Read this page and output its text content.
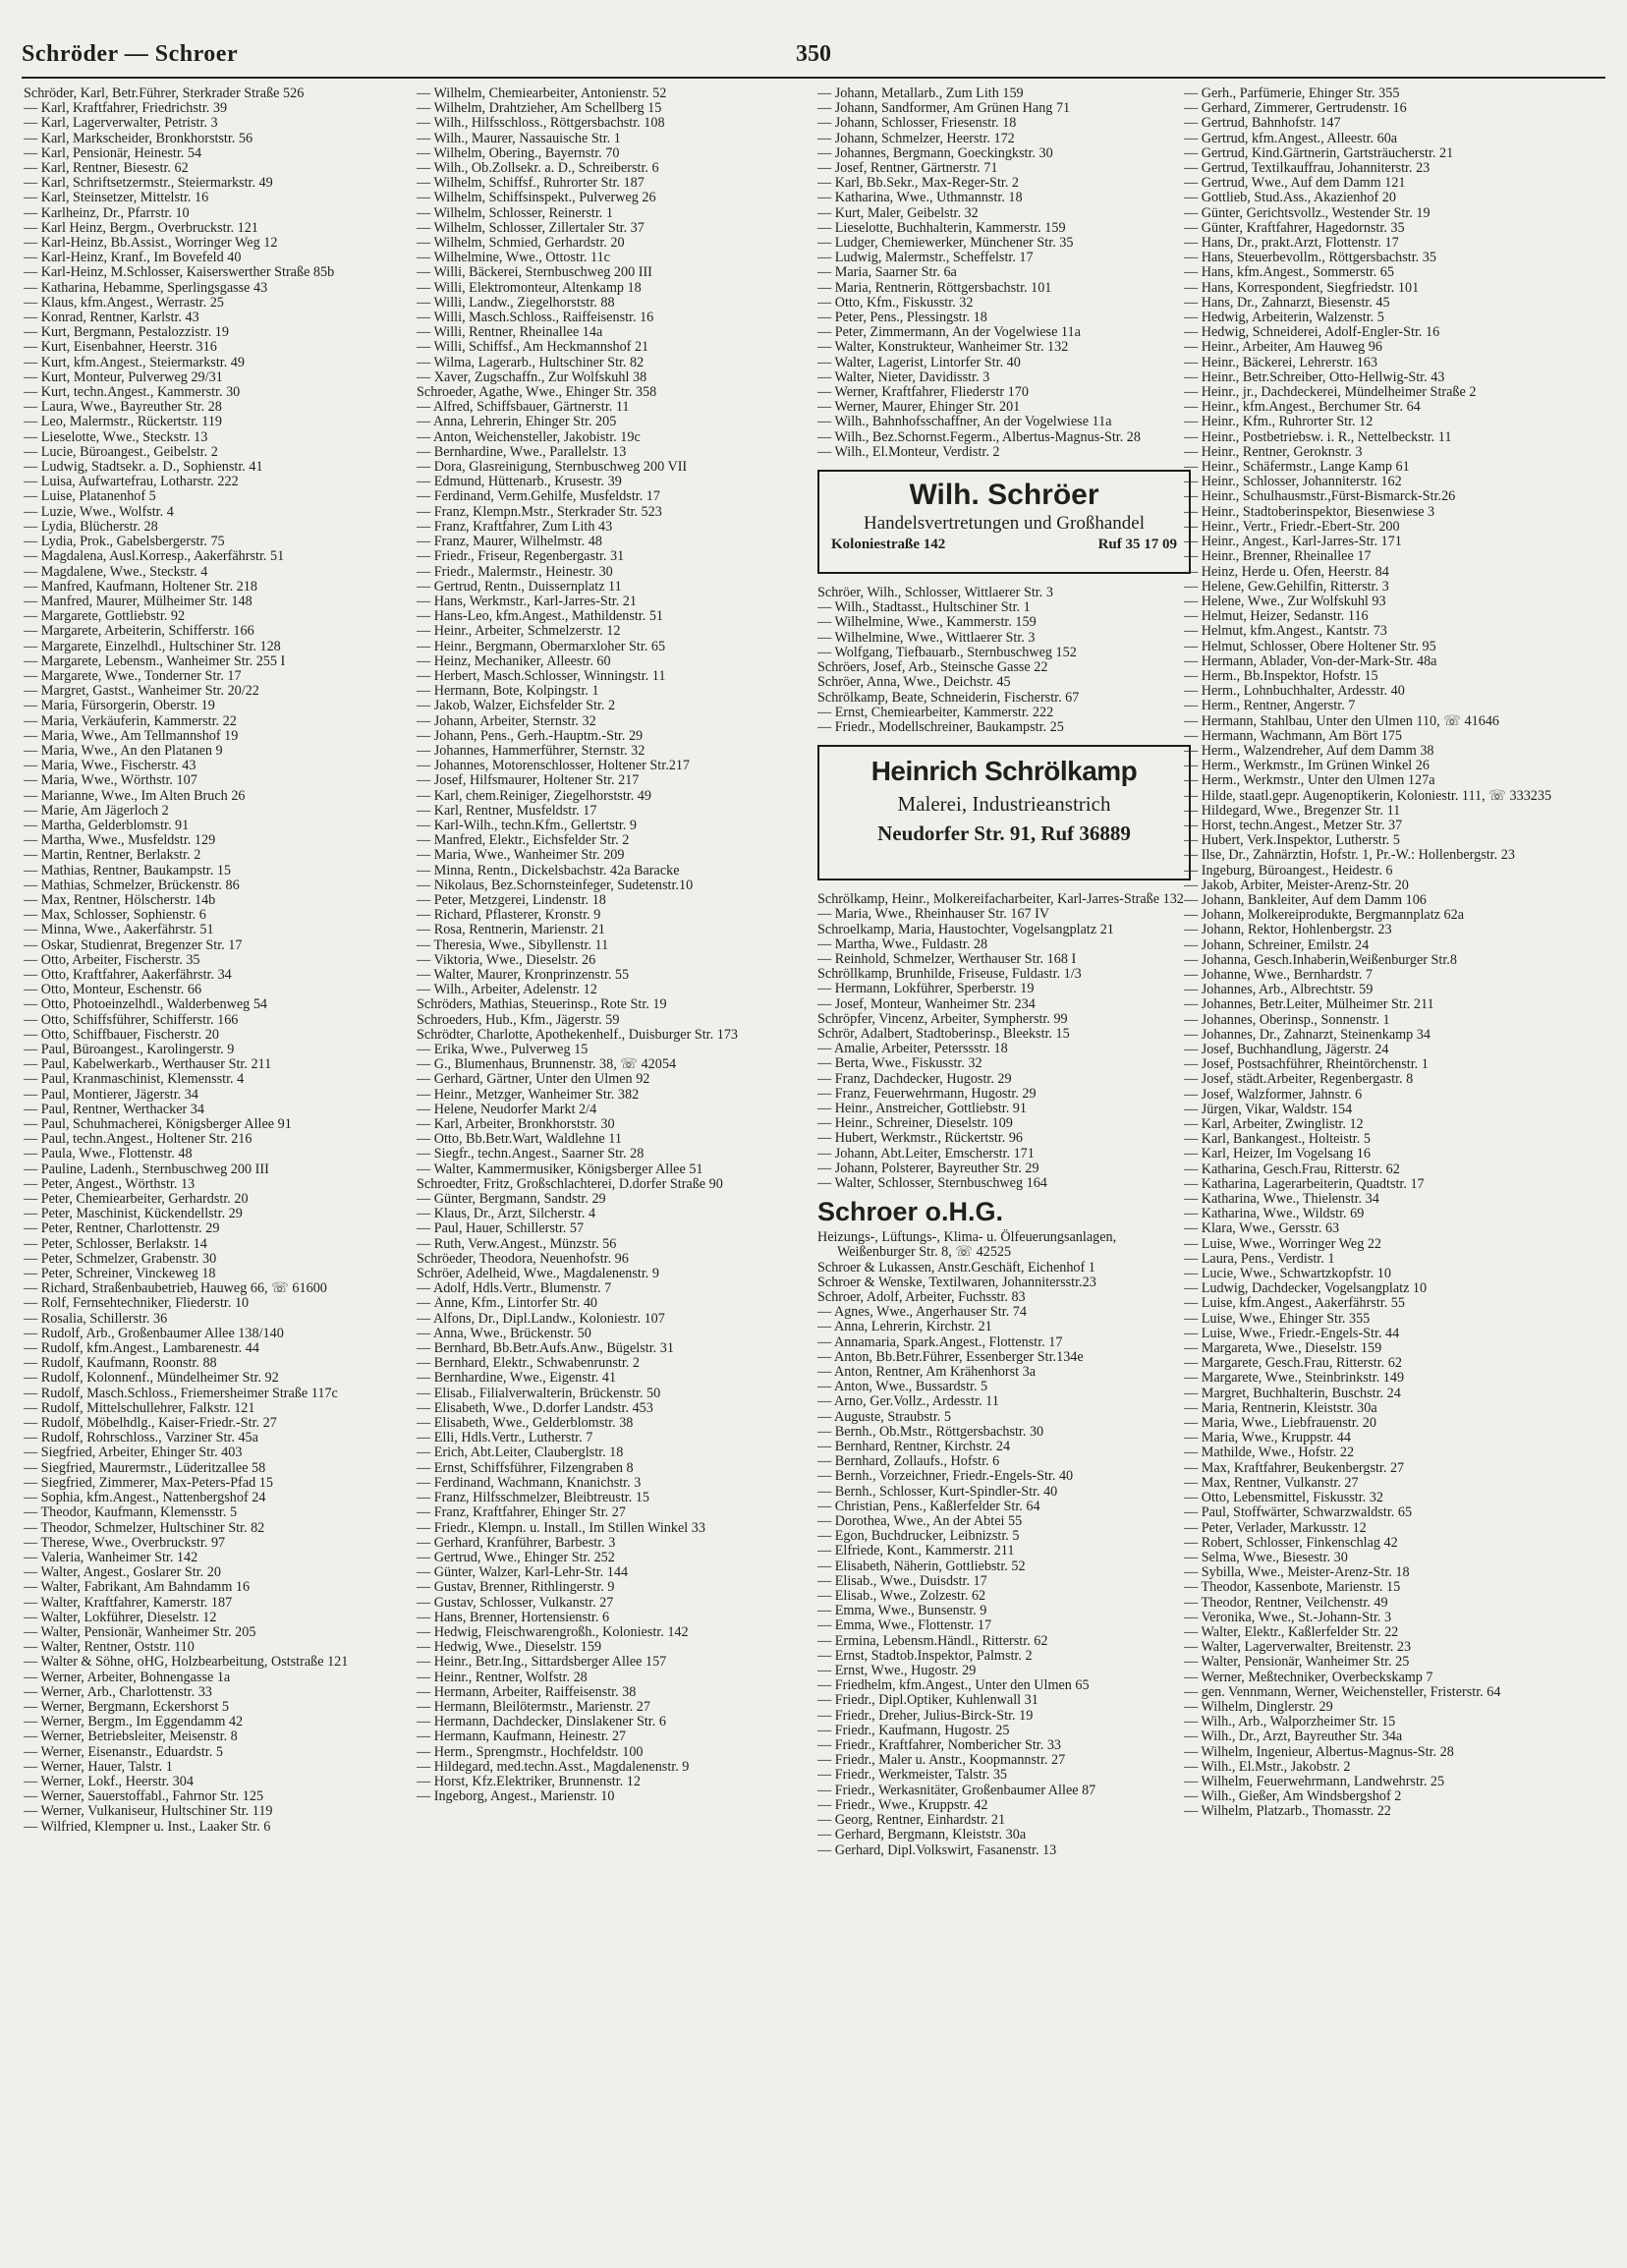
Schröder — Schroer	350
Schröder, Karl, Betr.Führer, Sterkrader Straße 526
— Karl, Kraftfahrer, Friedrichstr. 39
— Karl, Lagerverwalter, Petristr. 3
— Karl, Markscheider, Bronkhorststr. 56
— Karl, Pensionär, Heinestr. 54
— Karl, Rentner, Biesestr. 62
— Karl, Schriftsetzermstr., Steiermarkstr. 49
— Karl, Steinsetzer, Mittelstr. 16
— Karlheinz, Dr., Pfarrstr. 10
— Karl Heinz, Bergm., Overbruckstr. 121
— Karl-Heinz, Bb.Assist., Worringer Weg 12
— Karl-Heinz, Kranf., Im Bovefeld 40
— Karl-Heinz, M.Schlosser, Kaiserswerther Straße 85b
— Katharina, Hebamme, Sperlingsgasse 43
— Klaus, kfm.Angest., Werrastr. 25
— Konrad, Rentner, Karlstr. 43
— Kurt, Bergmann, Pestalozzistr. 19
— Kurt, Eisenbahner, Heerstr. 316
— Kurt, kfm.Angest., Steiermarkstr. 49
— Kurt, Monteur, Pulverweg 29/31
— Kurt, techn.Angest., Kammerstr. 30
— Laura, Wwe., Bayreuther Str. 28
— Leo, Malermstr., Rückertstr. 119
— Lieselotte, Wwe., Steckstr. 13
— Lucie, Büroangest., Geibelstr. 2
— Ludwig, Stadtsekr. a. D., Sophienstr. 41
— Luisa, Aufwartefrau, Lotharstr. 222
— Luise, Platanenhof 5
— Luzie, Wwe., Wolfstr. 4
— Lydia, Blücherstr. 28
— Lydia, Prok., Gabelsbergerstr. 75
— Magdalena, Ausl.Korresp., Aakerfährstr. 51
— Magdalene, Wwe., Steckstr. 4
— Manfred, Kaufmann, Holtener Str. 218
— Manfred, Maurer, Mülheimer Str. 148
— Margarete, Gottliebstr. 92
— Margarete, Arbeiterin, Schifferstr. 166
— Margarete, Einzelhdl., Hultschiner Str. 128
— Margarete, Lebensm., Wanheimer Str. 255 I
— Margarete, Wwe., Tonderner Str. 17
— Margret, Gastst., Wanheimer Str. 20/22
— Maria, Fürsorgerin, Oberstr. 19
— Maria, Verkäuferin, Kammerstr. 22
— Maria, Wwe., Am Tellmannshof 19
— Maria, Wwe., An den Platanen 9
— Maria, Wwe., Fischerstr. 43
— Maria, Wwe., Wörthstr. 107
— Marianne, Wwe., Im Alten Bruch 26
— Marie, Am Jägerloch 2
— Martha, Gelderblomstr. 91
— Martha, Wwe., Musfeldstr. 129
— Martin, Rentner, Berlakstr. 2
— Mathias, Rentner, Baukampstr. 15
— Mathias, Schmelzer, Brückenstr. 86
— Max, Rentner, Hölscherstr. 14b
— Max, Schlosser, Sophienstr. 6
— Minna, Wwe., Aakerfährstr. 51
— Oskar, Studienrat, Bregenzer Str. 17
— Otto, Arbeiter, Fischerstr. 35
— Otto, Kraftfahrer, Aakerfährstr. 34
— Otto, Monteur, Eschenstr. 66
— Otto, Photoeinzelhdl., Walderbenweg 54
— Otto, Schiffsführer, Schifferstr. 166
— Otto, Schiffbauer, Fischerstr. 20
— Paul, Büroangest., Karolingerstr. 9
— Paul, Kabelwerkarb., Werthauser Str. 211
— Paul, Kranmaschinist, Klemensstr. 4
— Paul, Montierer, Jägerstr. 34
— Paul, Rentner, Werthacker 34
— Paul, Schuhmacherei, Königsberger Allee 91
— Paul, techn.Angest., Holtener Str. 216
— Paula, Wwe., Flottenstr. 48
— Pauline, Ladenh., Sternbuschweg 200 III
— Peter, Angest., Wörthstr. 13
— Peter, Chemiearbeiter, Gerhardstr. 20
— Peter, Maschinist, Kückendellstr. 29
— Peter, Rentner, Charlottenstr. 29
— Peter, Schlosser, Berlakstr. 14
— Peter, Schmelzer, Grabenstr. 30
— Peter, Schreiner, Vinckeweg 18
— Richard, Straßenbaubetrieb, Hauweg 66, ☏ 61600
— Rolf, Fernsehtechniker, Fliederstr. 10
— Rosalia, Schillerstr. 36
— Rudolf, Arb., Großenbaumer Allee 138/140
— Rudolf, kfm.Angest., Lambarenestr. 44
— Rudolf, Kaufmann, Roonstr. 88
— Rudolf, Kolonnenf., Mündelheimer Str. 92
— Rudolf, Masch.Schloss., Friemersheimer Straße 117c
— Rudolf, Mittelschullehrer, Falkstr. 121
— Rudolf, Möbelhdlg., Kaiser-Friedr.-Str. 27
— Rudolf, Rohrschloss., Varziner Str. 45a
— Siegfried, Arbeiter, Ehinger Str. 403
— Siegfried, Maurermstr., Lüderitzallee 58
— Siegfried, Zimmerer, Max-Peters-Pfad 15
— Sophia, kfm.Angest., Nattenbergshof 24
— Theodor, Kaufmann, Klemensstr. 5
— Theodor, Schmelzer, Hultschiner Str. 82
— Therese, Wwe., Overbruckstr. 97
— Valeria, Wanheimer Str. 142
— Walter, Angest., Goslarer Str. 20
— Walter, Fabrikant, Am Bahndamm 16
— Walter, Kraftfahrer, Kamerstr. 187
— Walter, Lokführer, Dieselstr. 12
— Walter, Pensionär, Wanheimer Str. 205
— Walter, Rentner, Oststr. 110
— Walter & Söhne, oHG, Holzbearbeitung, Oststraße 121
— Werner, Arbeiter, Bohnengasse 1a
— Werner, Arb., Charlottenstr. 33
— Werner, Bergmann, Eckershorst 5
— Werner, Bergm., Im Eggendamm 42
— Werner, Betriebsleiter, Meisenstr. 8
— Werner, Eisenanstr., Eduardstr. 5
— Werner, Hauer, Talstr. 1
— Werner, Lokf., Heerstr. 304
— Werner, Sauerstoffabl., Fahrnor Str. 125
— Werner, Vulkaniseur, Hultschiner Str. 119
— Wilfried, Klempner u. Inst., Laaker Str. 6
— Wilhelm, Chemiearbeiter, Antonienstr. 52
— Wilhelm, Drahtzieher, Am Schellberg 15
— Wilh., Hilfsschloss., Röttgersbachstr. 108
— Wilh., Maurer, Nassauische Str. 1
— Wilhelm, Obering., Bayernstr. 70
— Wilh., Ob.Zollsekr. a. D., Schreiberstr. 6
— Wilhelm, Schiffsf., Ruhrorter Str. 187
— Wilhelm, Schiffsinspekt., Pulverweg 26
— Wilhelm, Schlosser, Reinerstr. 1
— Wilhelm, Schlosser, Zillertaler Str. 37
— Wilhelm, Schmied, Gerhardstr. 20
— Wilhelmine, Wwe., Ottostr. 11c
— Willi, Bäckerei, Sternbuschweg 200 III
— Willi, Elektromonteur, Altenkamp 18
— Willi, Landw., Ziegelhorststr. 88
— Willi, Masch.Schloss., Raiffeisenstr. 16
— Willi, Rentner, Rheinallee 14a
— Willi, Schiffsf., Am Heckmannshof 21
— Wilma, Lagerarb., Hultschiner Str. 82
— Xaver, Zugschaffn., Zur Wolfskuhl 38
Schroeder, Agathe, Wwe., Ehinger Str. 358
— Alfred, Schiffsbauer, Gärtnerstr. 11
— Anna, Lehrerin, Ehinger Str. 205
— Anton, Weichensteller, Jakobistr. 19c
— Bernhardine, Wwe., Parallelstr. 13
— Dora, Glasreinigung, Sternbuschweg 200 VII
— Edmund, Hüttenarb., Krusestr. 39
— Ferdinand, Verm.Gehilfe, Musfeldstr. 17
— Franz, Klempn.Mstr., Sterkrader Str. 523
— Franz, Kraftfahrer, Zum Lith 43
— Franz, Maurer, Wilhelmstr. 48
— Friedr., Friseur, Regenbergastr. 31
— Friedr., Malermstr., Heinestr. 30
— Gertrud, Rentn., Duissernplatz 11
— Hans, Werkmstr., Karl-Jarres-Str. 21
— Hans-Leo, kfm.Angest., Mathildenstr. 51
— Heinr., Arbeiter, Schmelzerstr. 12
— Heinr., Bergmann, Obermarxloher Str. 65
— Heinz, Mechaniker, Alleestr. 60
— Herbert, Masch.Schlosser, Winningstr. 11
— Hermann, Bote, Kolpingstr. 1
— Jakob, Walzer, Eichsfelder Str. 2
— Johann, Arbeiter, Sternstr. 32
— Johann, Pens., Gerh.-Hauptm.-Str. 29
— Johannes, Hammerführer, Sternstr. 32
— Johannes, Motorenschlosser, Holtener Str.217
— Josef, Hilfsmaurer, Holtener Str. 217
— Karl, chem.Reiniger, Ziegelhorststr. 49
— Karl, Rentner, Musfeldstr. 17
— Karl-Wilh., techn.Kfm., Gellertstr. 9
— Manfred, Elektr., Eichsfelder Str. 2
— Maria, Wwe., Wanheimer Str. 209
— Minna, Rentn., Dickelsbachstr. 42a Baracke
— Nikolaus, Bez.Schornsteinfeger, Sudetenstr.10
— Peter, Metzgerei, Lindenstr. 18
— Richard, Pflasterer, Kronstr. 9
— Rosa, Rentnerin, Marienstr. 21
— Theresia, Wwe., Sibyllenstr. 11
— Viktoria, Wwe., Dieselstr. 26
— Walter, Maurer, Kronprinzenstr. 55
— Wilh., Arbeiter, Adelenstr. 12
Schröders, Mathias, Steuerinsp., Rote Str. 19
Schroeders, Hub., Kfm., Jägerstr. 59
Schrödter, Charlotte, Apothekenhelf., Duisburger Str. 173
— Erika, Wwe., Pulverweg 15
— G., Blumenhaus, Brunnenstr. 38, ☏ 42054
— Gerhard, Gärtner, Unter den Ulmen 92
— Heinr., Metzger, Wanheimer Str. 382
— Helene, Neudorfer Markt 2/4
— Karl, Arbeiter, Bronkhorststr. 30
— Otto, Bb.Betr.Wart, Waldlehne 11
— Siegfr., techn.Angest., Saarner Str. 28
— Walter, Kammermusiker, Königsberger Allee 51
Schroedter, Fritz, Großschlachterei, D.dorfer Straße 90
— Günter, Bergmann, Sandstr. 29
— Klaus, Dr., Arzt, Silcherstr. 4
— Paul, Hauer, Schillerstr. 57
— Ruth, Verw.Angest., Münzstr. 56
Schröeder, Theodora, Neuenhofstr. 96
Schröer, Adelheid, Wwe., Magdalenenstr. 9
— Adolf, Hdls.Vertr., Blumenstr. 7
— Änne, Kfm., Lintorfer Str. 40
— Alfons, Dr., Dipl.Landw., Koloniestr. 107
— Anna, Wwe., Brückenstr. 50
— Bernhard, Bb.Betr.Aufs.Anw., Bügelstr. 31
— Bernhard, Elektr., Schwabenrunstr. 2
— Bernhardine, Wwe., Eigenstr. 41
— Elisab., Filialverwalterin, Brückenstr. 50
— Elisabeth, Wwe., D.dorfer Landstr. 453
— Elisabeth, Wwe., Gelderblomstr. 38
— Elli, Hdls.Vertr., Lutherstr. 7
— Erich, Abt.Leiter, Clauberglstr. 18
— Ernst, Schiffsführer, Filzengraben 8
— Ferdinand, Wachmann, Knanichstr. 3
— Franz, Hilfsschmelzer, Bleibtreustr. 15
— Franz, Kraftfahrer, Ehinger Str. 27
— Friedr., Klempn. u. Install., Im Stillen Winkel 33
— Gerhard, Kranführer, Barbestr. 3
— Gertrud, Wwe., Ehinger Str. 252
— Günter, Walzer, Karl-Lehr-Str. 144
— Gustav, Brenner, Rithlingerstr. 9
— Gustav, Schlosser, Vulkanstr. 27
— Hans, Brenner, Hortensienstr. 6
— Hedwig, Fleischwarengroßh., Koloniestr. 142
— Hedwig, Wwe., Dieselstr. 159
— Heinr., Betr.Ing., Sittardsberger Allee 157
— Heinr., Rentner, Wolfstr. 28
— Hermann, Arbeiter, Raiffeisenstr. 38
— Hermann, Bleilötermstr., Marienstr. 27
— Hermann, Dachdecker, Dinslakener Str. 6
— Hermann, Kaufmann, Heinestr. 27
— Herm., Sprengmstr., Hochfeldstr. 100
— Hildegard, med.techn.Asst., Magdalenenstr. 9
— Horst, Kfz.Elektriker, Brunnenstr. 12
— Ingeborg, Angest., Marienstr. 10
— Johann, Metallarb., Zum Lith 159
— Johann, Sandformer, Am Grünen Hang 71
— Johann, Schlosser, Friesenstr. 18
— Johann, Schmelzer, Heerstr. 172
— Johannes, Bergmann, Goeckingkstr. 30
— Josef, Rentner, Gärtnerstr. 71
— Karl, Bb.Sekr., Max-Reger-Str. 2
— Katharina, Wwe., Uthmannstr. 18
— Kurt, Maler, Geibelstr. 32
— Lieselotte, Buchhalterin, Kammerstr. 159
— Ludger, Chemiewerker, Münchener Str. 35
— Ludwig, Malermstr., Scheffelstr. 17
— Maria, Saarner Str. 6a
— Maria, Rentnerin, Röttgersbachstr. 101
— Otto, Kfm., Fiskusstr. 32
— Peter, Pens., Plessingstr. 18
— Peter, Zimmermann, An der Vogelwiese 11a
— Walter, Konstrukteur, Wanheimer Str. 132
— Walter, Lagerist, Lintorfer Str. 40
— Walter, Nieter, Davidisstr. 3
— Werner, Kraftfahrer, Fliederstr 170
— Werner, Maurer, Ehinger Str. 201
— Wilh., Bahnhofsschaffner, An der Vogelwiese 11a
— Wilh., Bez.Schornst.Fegerm., Albertus-Magnus-Str. 28
— Wilh., El.Monteur, Verdistr. 2
Wilh. Schröer
Handelsvertretungen und Großhandel
Koloniestraße 142	Ruf 35 17 09
Schröer, Wilh., Schlosser, Wittlaerer Str. 3
— Wilh., Stadtasst., Hultschiner Str. 1
— Wilhelmine, Wwe., Kammerstr. 159
— Wilhelmine, Wwe., Wittlaerer Str. 3
— Wolfgang, Tiefbauarb., Sternbuschweg 152
Schröers, Josef, Arb., Steinsche Gasse 22
Schröer, Anna, Wwe., Deichstr. 45
Schrölkamp, Beate, Schneiderin, Fischerstr. 67
— Ernst, Chemiearbeiter, Kammerstr. 222
— Friedr., Modellschreiner, Baukampstr. 25
Heinrich Schrölkamp
Malerei, Industrieanstrich
Neudorfer Str. 91, Ruf 36889
Schrölkamp, Heinr., Molkereifacharbeiter, Karl-Jarres-Straße 132
— Maria, Wwe., Rheinhauser Str. 167 IV
Schroelkamp, Maria, Haustochter, Vogelsangplatz 21
— Martha, Wwe., Fuldastr. 28
— Reinhold, Schmelzer, Werthauser Str. 168 I
Schröllkamp, Brunhilde, Friseuse, Fuldastr. 1/3
— Hermann, Lokführer, Sperberstr. 19
— Josef, Monteur, Wanheimer Str. 234
Schröpfer, Vincenz, Arbeiter, Sympherstr. 99
Schrör, Adalbert, Stadtoberinsp., Bleekstr. 15
— Amalie, Arbeiter, Peterssstr. 18
— Berta, Wwe., Fiskusstr. 32
— Franz, Dachdecker, Hugostr. 29
— Franz, Feuerwehrmann, Hugostr. 29
— Heinr., Anstreicher, Gottliebstr. 91
— Heinr., Schreiner, Dieselstr. 109
— Hubert, Werkmstr., Rückertstr. 96
— Johann, Abt.Leiter, Emscherstr. 171
— Johann, Polsterer, Bayreuther Str. 29
— Walter, Schlosser, Sternbuschweg 164
Schroer o.H.G.
Heizungs-, Lüftungs-, Klima- u. Ölfeuerungsanlagen, Weißenburger Str. 8, ☏ 42525
Schroer & Lukassen, Anstr.Geschäft, Eichenhof 1
Schroer & Wenske, Textilwaren, Johannitersstr.23
Schroer, Adolf, Arbeiter, Fuchsstr. 83
— Agnes, Wwe., Angerhauser Str. 74
— Anna, Lehrerin, Kirchstr. 21
— Annamaria, Spark.Angest., Flottenstr. 17
— Anton, Bb.Betr.Führer, Essenberger Str.134e
— Anton, Rentner, Am Krähenhorst 3a
— Anton, Wwe., Bussardstr. 5
— Arno, Ger.Vollz., Ardesstr. 11
— Auguste, Straubstr. 5
— Bernh., Ob.Mstr., Röttgersbachstr. 30
— Bernhard, Rentner, Kirchstr. 24
— Bernhard, Zollaufs., Hofstr. 6
— Bernh., Vorzeichner, Friedr.-Engels-Str. 40
— Bernh., Schlosser, Kurt-Spindler-Str. 40
— Christian, Pens., Kaßlerfelder Str. 64
— Dorothea, Wwe., An der Abtei 55
— Egon, Buchdrucker, Leibnizstr. 5
— Elfriede, Kont., Kammerstr. 211
— Elisabeth, Näherin, Gottliebstr. 52
— Elisab., Wwe., Duisdstr. 17
— Elisab., Wwe., Zolzestr. 62
— Emma, Wwe., Bunsenstr. 9
— Emma, Wwe., Flottenstr. 17
— Ermina, Lebensm.Händl., Ritterstr. 62
— Ernst, Stadtob.Inspektor, Palmstr. 2
— Ernst, Wwe., Hugostr. 29
— Friedhelm, kfm.Angest., Unter den Ulmen 65
— Friedr., Dipl.Optiker, Kuhlenwall 31
— Friedr., Dreher, Julius-Birck-Str. 19
— Friedr., Kaufmann, Hugostr. 25
— Friedr., Kraftfahrer, Nombericher Str. 33
— Friedr., Maler u. Anstr., Koopmannstr. 27
— Friedr., Werkmeister, Talstr. 35
— Friedr., Werkasnitäter, Großenbaumer Allee 87
— Friedr., Wwe., Kruppstr. 42
— Georg, Rentner, Einhardstr. 21
— Gerhard, Bergmann, Kleiststr. 30a
— Gerhard, Dipl.Volkswirt, Fasanenstr. 13
— Gerh., Parfümerie, Ehinger Str. 355
— Gerhard, Zimmerer, Gertrudenstr. 16
— Gertrud, Bahnhofstr. 147
— Gertrud, kfm.Angest., Alleestr. 60a
— Gertrud, Kind.Gärtnerin, Gartsträucherstr. 21
— Gertrud, Textilkauffrau, Johanniterstr. 23
— Gertrud, Wwe., Auf dem Damm 121
— Gottlieb, Stud.Ass., Akazienhof 20
— Günter, Gerichtsvollz., Westender Str. 19
— Günter, Kraftfahrer, Hagedornstr. 35
— Hans, Dr., prakt.Arzt, Flottenstr. 17
— Hans, Steuerbevollm., Röttgersbachstr. 35
— Hans, kfm.Angest., Sommerstr. 65
— Hans, Korrespondent, Siegfriedstr. 101
— Hans, Dr., Zahnarzt, Biesenstr. 45
— Hedwig, Arbeiterin, Walzenstr. 5
— Hedwig, Schneiderei, Adolf-Engler-Str. 16
— Heinr., Arbeiter, Am Hauweg 96
— Heinr., Bäckerei, Lehrerstr. 163
— Heinr., Betr.Schreiber, Otto-Hellwig-Str. 43
— Heinr., jr., Dachdeckerei, Mündelheimer Straße 2
— Heinr., kfm.Angest., Berchumer Str. 64
— Heinr., Kfm., Ruhrorter Str. 12
— Heinr., Postbetriebsw. i. R., Nettelbeckstr. 11
— Heinr., Rentner, Geroknstr. 3
— Heinr., Schäfermstr., Lange Kamp 61
— Heinr., Schlosser, Johanniterstr. 162
— Heinr., Schulhausmstr.,Fürst-Bismarck-Str.26
— Heinr., Stadtoberinspektor, Biesenwiese 3
— Heinr., Vertr., Friedr.-Ebert-Str. 200
— Heinr., Angest., Karl-Jarres-Str. 171
— Heinr., Brenner, Rheinallee 17
— Heinz, Herde u. Öfen, Heerstr. 84
— Helene, Gew.Gehilfin, Ritterstr. 3
— Helene, Wwe., Zur Wolfskuhl 93
— Helmut, Heizer, Sedanstr. 116
— Helmut, kfm.Angest., Kantstr. 73
— Helmut, Schlosser, Obere Holtener Str. 95
— Hermann, Ablader, Von-der-Mark-Str. 48a
— Herm., Bb.Inspektor, Hofstr. 15
— Herm., Lohnbuchhalter, Ardesstr. 40
— Herm., Rentner, Angerstr. 7
— Hermann, Stahlbau, Unter den Ulmen 110, ☏ 41646
— Hermann, Wachmann, Am Bört 175
— Herm., Walzendreher, Auf dem Damm 38
— Herm., Werkmstr., Im Grünen Winkel 26
— Herm., Werkmstr., Unter den Ulmen 127a
— Hilde, staatl.gepr. Augenoptikerin, Koloniestr. 111, ☏ 333235
— Hildegard, Wwe., Bregenzer Str. 11
— Horst, techn.Angest., Metzer Str. 37
— Hubert, Verk.Inspektor, Lutherstr. 5
— Ilse, Dr., Zahnärztin, Hofstr. 1, Pr.-W.: Hollenbergstr. 23
— Ingeburg, Büroangest., Heidestr. 6
— Jakob, Arbiter, Meister-Arenz-Str. 20
— Johann, Bankleiter, Auf dem Damm 106
— Johann, Molkereiprodukte, Bergmannplatz 62a
— Johann, Rektor, Hohlenbergstr. 23
— Johann, Schreiner, Emilstr. 24
— Johanna, Gesch.Inhaberin,Weißenburger Str.8
— Johanne, Wwe., Bernhardstr. 7
— Johannes, Arb., Albrechtstr. 59
— Johannes, Betr.Leiter, Mülheimer Str. 211
— Johannes, Oberinsp., Sonnenstr. 1
— Johannes, Dr., Zahnarzt, Steinenkamp 34
— Josef, Buchhandlung, Jägerstr. 24
— Josef, Postsachführer, Rheintörchenstr. 1
— Josef, städt.Arbeiter, Regenbergastr. 8
— Josef, Walzformer, Jahnstr. 6
— Jürgen, Vikar, Waldstr. 154
— Karl, Arbeiter, Zwinglistr. 12
— Karl, Bankangest., Holteistr. 5
— Karl, Heizer, Im Vogelsang 16
— Katharina, Gesch.Frau, Ritterstr. 62
— Katharina, Lagerarbeiterin, Quadtstr. 17
— Katharina, Wwe., Thielenstr. 34
— Katharina, Wwe., Wildstr. 69
— Klara, Wwe., Gersstr. 63
— Luise, Wwe., Worringer Weg 22
— Laura, Pens., Verdistr. 1
— Lucie, Wwe., Schwartzkopfstr. 10
— Ludwig, Dachdecker, Vogelsangplatz 10
— Luise, kfm.Angest., Aakerfährstr. 55
— Luise, Wwe., Ehinger Str. 355
— Luise, Wwe., Friedr.-Engels-Str. 44
— Margareta, Wwe., Dieselstr. 159
— Margarete, Gesch.Frau, Ritterstr. 62
— Margarete, Wwe., Steinbrinkstr. 149
— Margret, Buchhalterin, Buschstr. 24
— Maria, Rentnerin, Kleiststr. 30a
— Maria, Wwe., Liebfrauenstr. 20
— Maria, Wwe., Kruppstr. 44
— Mathilde, Wwe., Hofstr. 22
— Max, Kraftfahrer, Beukenbergstr. 27
— Max, Rentner, Vulkanstr. 27
— Otto, Lebensmittel, Fiskusstr. 32
— Paul, Stoffwärter, Schwarzwaldstr. 65
— Peter, Verlader, Markusstr. 12
— Robert, Schlosser, Finkenschlag 42
— Selma, Wwe., Biesestr. 30
— Sybilla, Wwe., Meister-Arenz-Str. 18
— Theodor, Kassenbote, Marienstr. 15
— Theodor, Rentner, Veilchenstr. 49
— Veronika, Wwe., St.-Johann-Str. 3
— Walter, Elektr., Kaßlerfelder Str. 22
— Walter, Lagerverwalter, Breitenstr. 23
— Walter, Pensionär, Wanheimer Str. 25
— Werner, Meßtechniker, Overbeckskamp 7
— gen. Vennmann, Werner, Weichensteller, Fristerstr. 64
— Wilhelm, Dinglerstr. 29
— Wilh., Arb., Walporzheimer Str. 15
— Wilh., Dr., Arzt, Bayreuther Str. 34a
— Wilhelm, Ingenieur, Albertus-Magnus-Str. 28
— Wilh., El.Mstr., Jakobstr. 2
— Wilhelm, Feuerwehrmann, Landwehrstr. 25
— Wilh., Gießer, Am Windsbergshof 2
— Wilhelm, Platzarb., Thomasstr. 22
